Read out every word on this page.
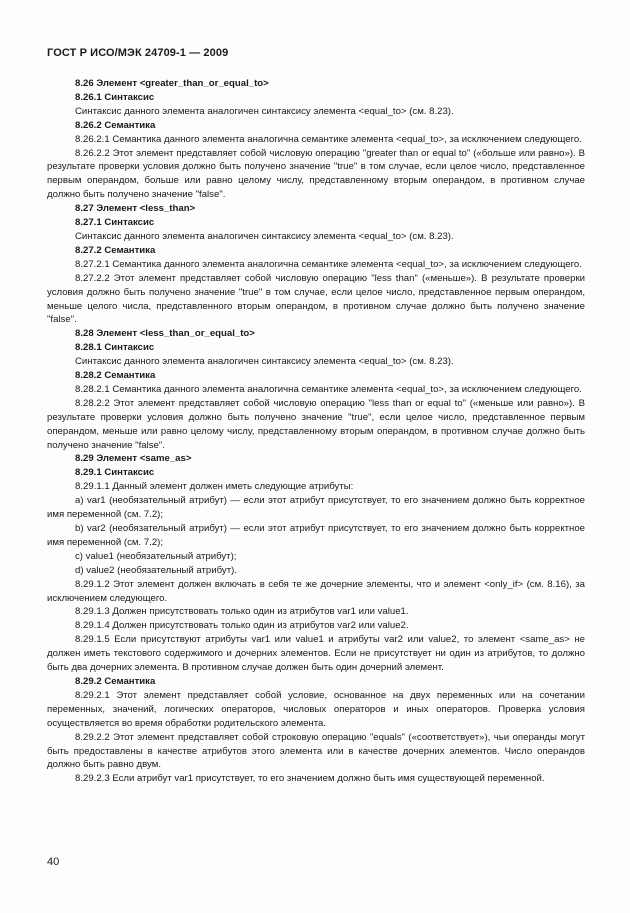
ГОСТ Р ИСО/МЭК 24709-1 — 2009

8.26 Элемент <greater_than_or_equal_to>

8.26.1 Синтаксис

Синтаксис данного элемента аналогичен синтаксису элемента <equal_to> (см. 8.23).

8.26.2 Семантика

8.26.2.1 Семантика данного элемента аналогична семантике элемента <equal_to>, за исключением следующего.

8.26.2.2 Этот элемент представляет собой числовую операцию "greater than or equal to" («больше или равно»). В результате проверки условия должно быть получено значение "true" в том случае, если целое число, представленное первым операндом, больше или равно целому числу, представленному вторым операндом, в противном случае должно быть получено значение "false".

8.27 Элемент <less_than>

8.27.1 Синтаксис

Синтаксис данного элемента аналогичен синтаксису элемента <equal_to> (см. 8.23).

8.27.2 Семантика

8.27.2.1 Семантика данного элемента аналогична семантике элемента <equal_to>, за исключением следующего.

8.27.2.2 Этот элемент представляет собой числовую операцию "less than" («меньше»). В результате проверки условия должно быть получено значение "true" в том случае, если целое число, представленное первым операндом, меньше целого числа, представленного вторым операндом, в противном случае должно быть получено значение "false".

8.28 Элемент <less_than_or_equal_to>

8.28.1 Синтаксис

Синтаксис данного элемента аналогичен синтаксису элемента <equal_to> (см. 8.23).

8.28.2 Семантика

8.28.2.1 Семантика данного элемента аналогична семантике элемента <equal_to>, за исключением следующего.

8.28.2.2 Этот элемент представляет собой числовую операцию "less than or equal to" («меньше или равно»). В результате проверки условия должно быть получено значение "true", если целое число, представленное первым операндом, меньше или равно целому числу, представленному вторым операндом, в противном случае должно быть получено значение "false".

8.29 Элемент <same_as>

8.29.1 Синтаксис

8.29.1.1 Данный элемент должен иметь следующие атрибуты:

а) var1 (необязательный атрибут) — если этот атрибут присутствует, то его значением должно быть корректное имя переменной (см. 7.2);

b) var2 (необязательный атрибут) — если этот атрибут присутствует, то его значением должно быть корректное имя переменной (см. 7.2);

с) value1 (необязательный атрибут);

d) value2 (необязательный атрибут).

8.29.1.2 Этот элемент должен включать в себя те же дочерние элементы, что и элемент <only_if> (см. 8.16), за исключением следующего.

8.29.1.3 Должен присутствовать только один из атрибутов var1 или value1.

8.29.1.4 Должен присутствовать только один из атрибутов var2 или value2.

8.29.1.5 Если присутствуют атрибуты var1 или value1 и атрибуты var2 или value2, то элемент <same_as> не должен иметь текстового содержимого и дочерних элементов. Если не присутствует ни один из атрибутов, то должно быть два дочерних элемента. В противном случае должен быть один дочерний элемент.

8.29.2 Семантика

8.29.2.1 Этот элемент представляет собой условие, основанное на двух переменных или на сочетании переменных, значений, логических операторов, числовых операторов и иных операторов. Проверка условия осуществляется во время обработки родительского элемента.

8.29.2.2 Этот элемент представляет собой строковую операцию "equals" («соответствует»), чьи операнды могут быть предоставлены в качестве атрибутов этого элемента или в качестве дочерних элементов. Число операндов должно быть равно двум.

8.29.2.3 Если атрибут var1 присутствует, то его значением должно быть имя существующей переменной.

40
